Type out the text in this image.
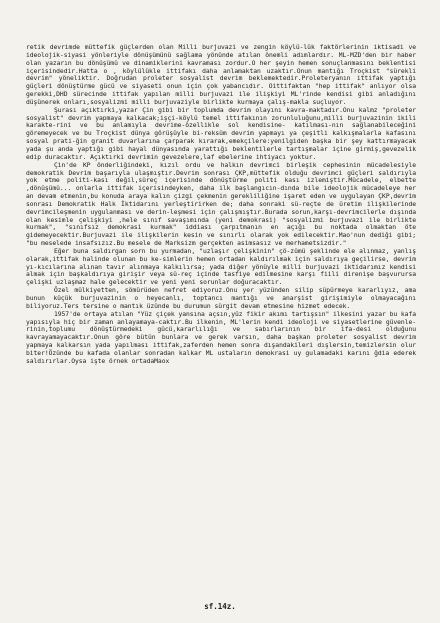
retik devrimde müttefik güçlerden olan Milli burjuvazi ve zengin köylü-lük faktörlerinin iktisadi ve ideolojik-siyasi yönleriyle dönüşümünü sağlama yönünde atılan önemli adımlardır. ML-MZD'den bir haber olan yazarın bu dönüşümü ve dinamiklerini kavraması zordur.O her şeyin hemen sonuçlanmasını beklentisi içerisindedir.Hatta o , köylülükle ittifakı daha anlamaktan uzaktır.Onun mantığı Troçkist "sürekli devrim" yöneliktir. Doğrudan proleter sosyalist devrim beklemektedir.Proleteryanın ittifak yaptığı güçleri dönüştürme gücü ve siyaseti onun için çok yabancıdır. Oittifaktan "hep ittifak" anlıyor olsa gerekki,DHD sürecinde ittifak yapılan milli burjuvazi ile ilişkiyi ML'rinde kendisi gibi anladığını düşünerek onları,sosyalizmi milli burjuvaziyle birlikte kurmaya çalış-makla suçluyor.

Şurası açıktırki,yazar Çin gibi bir toplumda devrim olayını kavra-maktadır.Onu kalmz "proleter sosyalist" devrim yapmaya kalkacak;işçi-köylü temel ittifakının zorunluluğunu,milli burjuvazinin ikili karakte-rini ve bu anlamıyla devrime-özellikle sol kendisine- katılması-nın sağlanabileceğini göremeyecek ve bu Troçkist dünya görüşüyle bi-reksüm devrim yapmayı ya çeşitli kalkışmalarla kafasını sosyal prati-ğin granit duvarlarına çarparak kırarak,emekçilere:yenilgiden başka bir şey kattırmayacak yada şu anda yaptığı gibi hayal dünyasında yarattığı beklentilerle tartışmalar içine girmiş,gevezelik edip duracaktır. Açıktırki devrimin gevezelere,laf ebelerine ihtiyacı yoktur.

Çin'de KP önderliğindeki, kızıl ordu ve halkın devrimci birleşik cephesinin mücadelesiyle demokratik Devrim başarıyla ulaşmıştır.Devrim sonrası ÇKP,müttefik olduğu devrimci güçleri saldırıyla yok etme politi-kası değil,süreç içerisinde dönüştürme politi kası izlemiştir.Mücadele, elbette ,dönüşümü... onlarla ittifak içerisindeyken, daha ilk başlangıcın-dında bile ideolojik mücadeleye her an devam etmenin,bu konuda araya kalın çizgi çekmenin gerekliliğine işaret eden ve uygulayan ÇKP,devrim sonrası Demokratik Halk İktidarını yerleştirirken de; daha sonraki sü-reçte de üretim ilişkilerinde devrimcileşmenin uygulanması ve derin-leşmesi için çalışmıştır.Burada sorun,karşı-devrimcilerle dışında olan kesimle çelişkiyi ,hele sınıf savaşımında (yeni demokrasi) "sosyalizmi burjuvazi ile birlikte kurmak", "sınıfsız demokrasi kurmak" iddiası çarpıtmanın en açığı bu noktada olmaktan öte gidemeyecektir.Burjuvazi ile ilişkilerin kesin ve sınırlı olarak yok edilecektir.Mao'nun dediği gibi; "bu meselede insafsızız.Bu mesele de Marksizm gerçekten asimsasız ve merhametsizdir."

Eğer buna saldırgan sorn bu yurmadan, "uzlaşır çelişkinin" çö-zümü şeklinde ele alınmaz, yanlış olarak,ittifak halinde olunan bu ke-simlerin hemen ortadan kaldırılmak için saldırıya geçilirse, devrim yı-kıcılarına alınan tavır alınmaya kalkılırsa; yada diğer yönüyle milli burjuvazi iktidarımız kendisi almak için başkaldırıya girişir veya sü-reç içinde tasfiye edilmesine karşı fiili direnişe başvurursa çelişki uzlaşmaz hale gelecektir ve yeni yeni sorunlar doğuracaktır.

Özel mülkiyetten, sömürüden nefret ediyoruz.Onu yer yüzünden silip süpürmeye kararlıyız, ama bunun küçük burjuvazinin o heyecanlı, toptancı mantığı ve anarşist girişimiyle olmayacağını biliyoruz.Ters tersine o mantık üzünde bu durumun sürgit devam etmesine hizmet edecek.

1957'de ortaya atılan "Yüz çiçek yansına açsın,yüz fikir akımı tartışsın" ilkesini yazar bu kafa yapısıyla hiç bir zaman anlayamaya-caktır.Bu ilkenin, ML'lerin kendi ideoloji ve siyasetlerine güvenle-rinin,toplumu dönüştürmedeki gücü,kararlılığı ve sabırlarının bir ifa-desi olduğunu kavrayamayacaktır.Onun göre bütün bunlara ve gerek varsın, daha başkan proleter sosyalist devrim yapmaya kalkarsın yada yapılması ittifak,zaferden hemen sonra dışandakileri dışlersin,temizlersin olur biter!Özünde bu kafada olanlar sonradan kalkar ML ustaların demokrasi uy gulamadaki karını ğdia ederek saldırırlar.Oysa işte örnek ortadaMaox

sf.14z.
